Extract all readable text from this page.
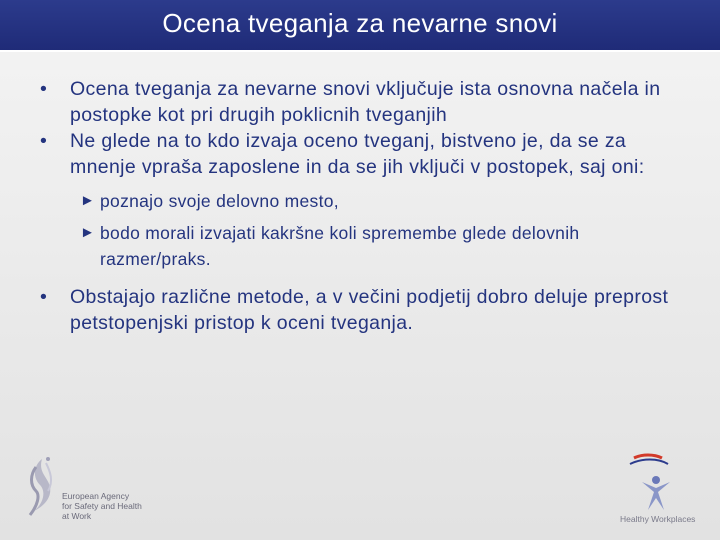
Ocena tveganja za nevarne snovi

•	Ocena tveganja za nevarne snovi vključuje ista osnovna načela in postopke kot pri drugih poklicnih tveganjih

•	Ne glede na to kdo izvaja oceno tveganj, bistveno je, da se za mnenje vpraša zaposlene in da se jih vključi v postopek, saj oni:

► poznajo svoje delovno mesto,

► bodo morali izvajati kakršne koli spremembe glede delovnih razmer/praks.

•	Obstajajo različne metode, a v večini podjetij dobro deluje preprost petstopenjski pristop k oceni tveganja.

European Agency
for Safety and Health
at Work	Healthy Workplaces
